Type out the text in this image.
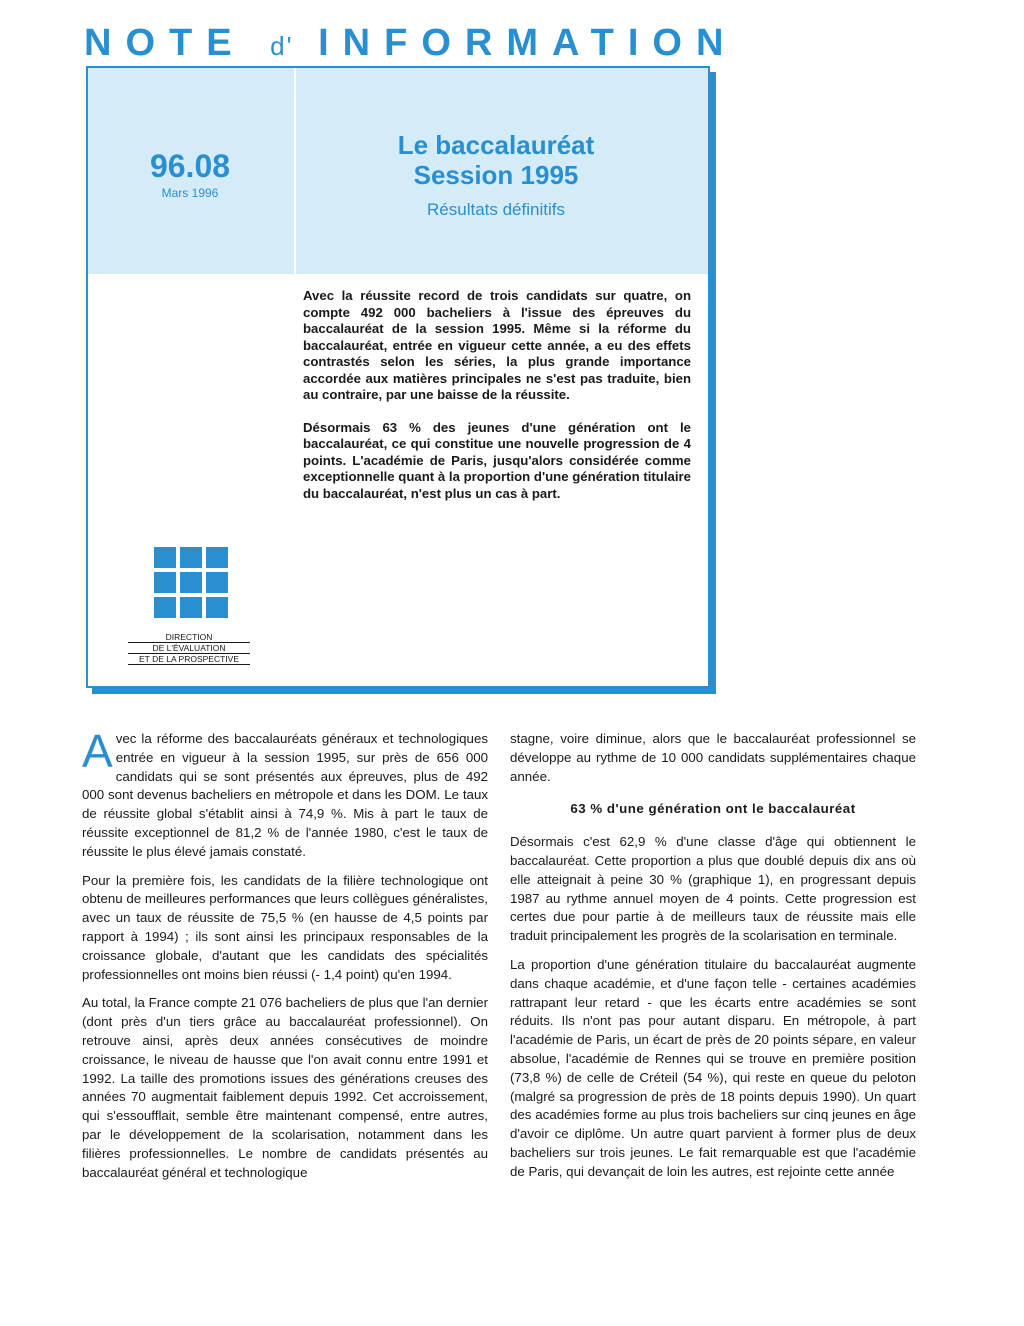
NOTE d' INFORMATION
96.08
Mars 1996
Le baccalauréat
Session 1995
Résultats définitifs

Avec la réussite record de trois candidats sur quatre, on compte 492 000 bacheliers à l'issue des épreuves du baccalauréat de la session 1995. Même si la réforme du baccalauréat, entrée en vigueur cette année, a eu des effets contrastés selon les séries, la plus grande importance accordée aux matières principales ne s'est pas traduite, bien au contraire, par une baisse de la réussite.

Désormais 63 % des jeunes d'une génération ont le baccalauréat, ce qui constitue une nouvelle progression de 4 points. L'académie de Paris, jusqu'alors considérée comme exceptionnelle quant à la proportion d'une génération titulaire du baccalauréat, n'est plus un cas à part.

DIRECTION
DE L'ÉVALUATION
ET DE LA PROSPECTIVE

Avec la réforme des baccalauréats généraux et technologiques entrée en vigueur à la session 1995, sur près de 656 000 candidats qui se sont présentés aux épreuves, plus de 492 000 sont devenus bacheliers en métropole et dans les DOM. Le taux de réussite global s'établit ainsi à 74,9 %. Mis à part le taux de réussite exceptionnel de 81,2 % de l'année 1980, c'est le taux de réussite le plus élevé jamais constaté.

Pour la première fois, les candidats de la filière technologique ont obtenu de meilleures performances que leurs collègues généralistes, avec un taux de réussite de 75,5 % (en hausse de 4,5 points par rapport à 1994) ; ils sont ainsi les principaux responsables de la croissance globale, d'autant que les candidats des spécialités professionnelles ont moins bien réussi (- 1,4 point) qu'en 1994.

Au total, la France compte 21 076 bacheliers de plus que l'an dernier (dont près d'un tiers grâce au baccalauréat professionnel). On retrouve ainsi, après deux années consécutives de moindre croissance, le niveau de hausse que l'on avait connu entre 1991 et 1992. La taille des promotions issues des générations creuses des années 70 augmentait faiblement depuis 1992. Cet accroissement, qui s'essoufflait, semble être maintenant compensé, entre autres, par le développement de la scolarisation, notamment dans les filières professionnelles. Le nombre de candidats présentés au baccalauréat général et technologique

stagne, voire diminue, alors que le baccalauréat professionnel se développe au rythme de 10 000 candidats supplémentaires chaque année.

63 % d'une génération ont le baccalauréat

Désormais c'est 62,9 % d'une classe d'âge qui obtiennent le baccalauréat. Cette proportion a plus que doublé depuis dix ans où elle atteignait à peine 30 % (graphique 1), en progressant depuis 1987 au rythme annuel moyen de 4 points. Cette progression est certes due pour partie à de meilleurs taux de réussite mais elle traduit principalement les progrès de la scolarisation en terminale.

La proportion d'une génération titulaire du baccalauréat augmente dans chaque académie, et d'une façon telle - certaines académies rattrapant leur retard - que les écarts entre académies se sont réduits. Ils n'ont pas pour autant disparu. En métropole, à part l'académie de Paris, un écart de près de 20 points sépare, en valeur absolue, l'académie de Rennes qui se trouve en première position (73,8 %) de celle de Créteil (54 %), qui reste en queue du peloton (malgré sa progression de près de 18 points depuis 1990). Un quart des académies forme au plus trois bacheliers sur cinq jeunes en âge d'avoir ce diplôme. Un autre quart parvient à former plus de deux bacheliers sur trois jeunes. Le fait remarquable est que l'académie de Paris, qui devançait de loin les autres, est rejointe cette année
